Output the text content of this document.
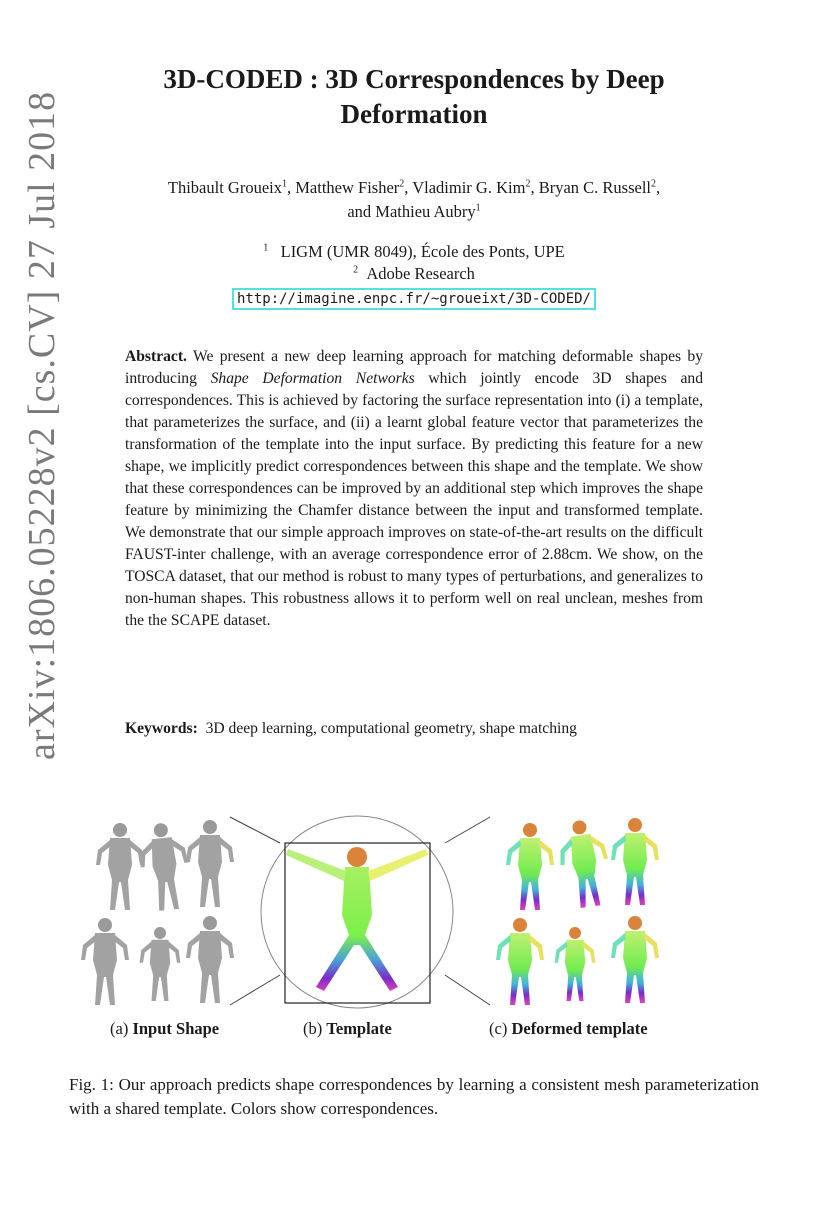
arXiv:1806.05228v2 [cs.CV] 27 Jul 2018
3D-CODED : 3D Correspondences by Deep
Deformation
Thibault Groueix$^1$, Matthew Fisher$^2$, Vladimir G. Kim$^2$, Bryan C. Russell$^2$,
and Mathieu Aubry$^1$
$^1$ LIGM (UMR 8049), École des Ponts, UPE
$^2$ Adobe Research
http://imagine.enpc.fr/~groueixt/3D-CODED/
Abstract. We present a new deep learning approach for matching deformable shapes by introducing Shape Deformation Networks which jointly encode 3D shapes and correspondences. This is achieved by factoring the surface representation into (i) a template, that parameterizes the surface, and (ii) a learnt global feature vector that parameterizes the transformation of the template into the input surface. By predicting this feature for a new shape, we implicitly predict correspondences between this shape and the template. We show that these correspondences can be improved by an additional step which improves the shape feature by minimizing the Chamfer distance between the input and transformed template. We demonstrate that our simple approach improves on state-of-the-art results on the difficult FAUST-inter challenge, with an average correspondence error of 2.88cm. We show, on the TOSCA dataset, that our method is robust to many types of perturbations, and generalizes to non-human shapes. This robustness allows it to perform well on real unclean, meshes from the the SCAPE dataset.
Keywords:  3D deep learning, computational geometry, shape matching
(a) Input Shape	(b) Template	(c) Deformed template
Fig. 1: Our approach predicts shape correspondences by learning a consistent mesh parameterization with a shared template. Colors show correspondences.
